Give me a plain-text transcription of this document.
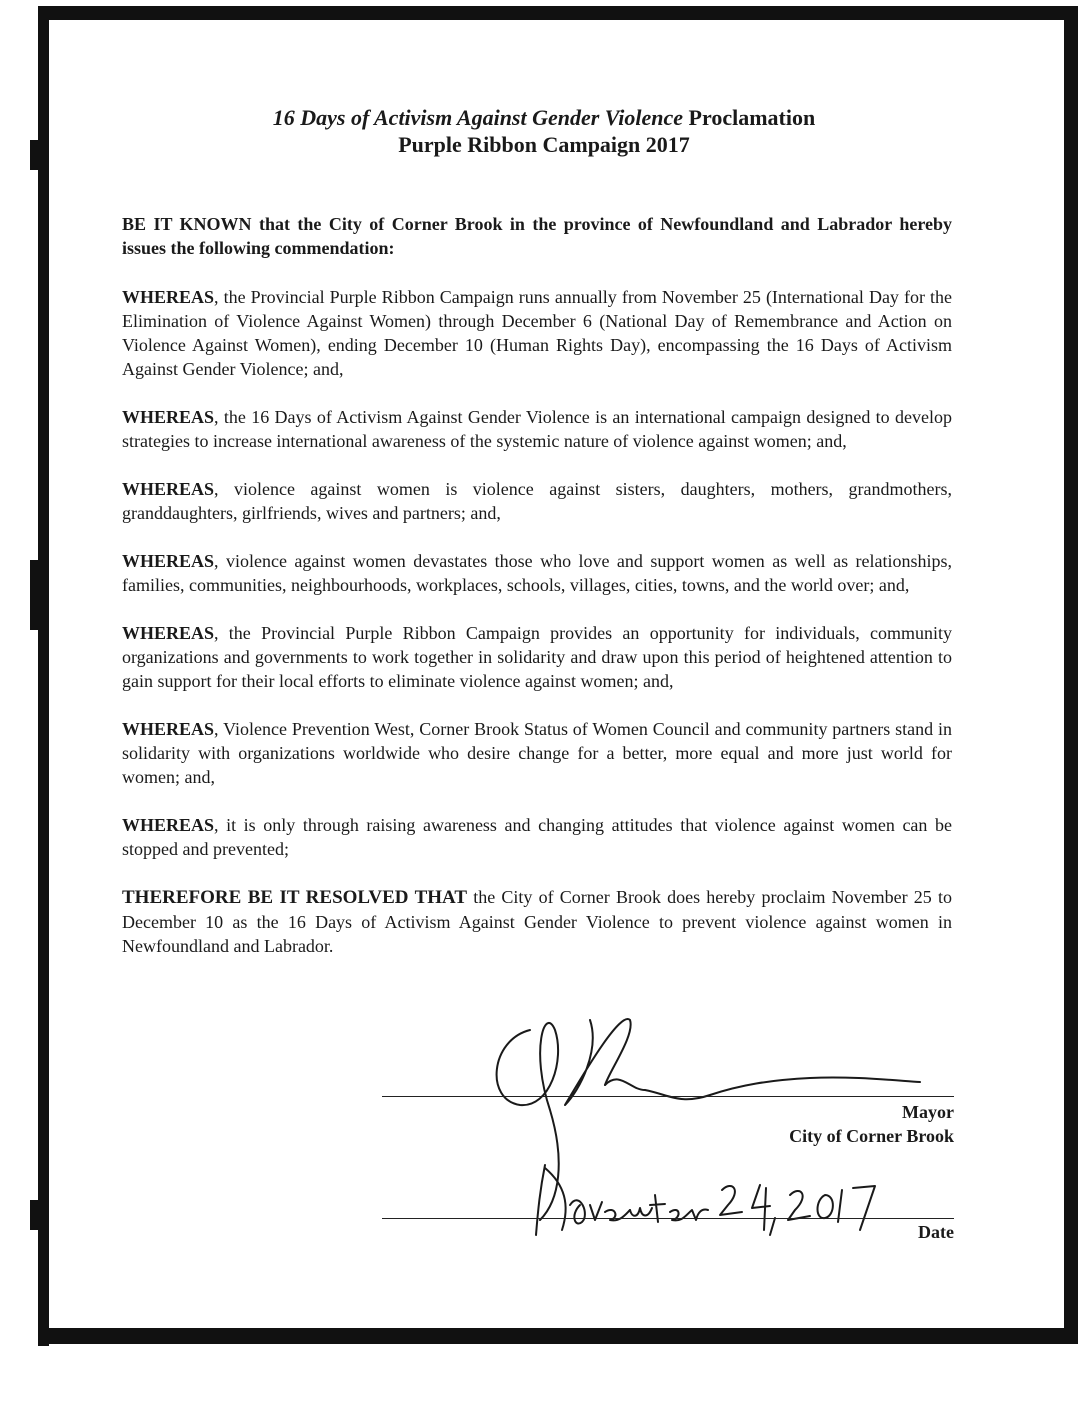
16 Days of Activism Against Gender Violence Proclamation
Purple Ribbon Campaign 2017

BE IT KNOWN that the City of Corner Brook in the province of Newfoundland and Labrador hereby issues the following commendation:

WHEREAS, the Provincial Purple Ribbon Campaign runs annually from November 25 (International Day for the Elimination of Violence Against Women) through December 6 (National Day of Remembrance and Action on Violence Against Women), ending December 10 (Human Rights Day), encompassing the 16 Days of Activism Against Gender Violence; and,

WHEREAS, the 16 Days of Activism Against Gender Violence is an international campaign designed to develop strategies to increase international awareness of the systemic nature of violence against women; and,

WHEREAS, violence against women is violence against sisters, daughters, mothers, grandmothers, granddaughters, girlfriends, wives and partners; and,

WHEREAS, violence against women devastates those who love and support women as well as relationships, families, communities, neighbourhoods, workplaces, schools, villages, cities, towns, and the world over; and,

WHEREAS, the Provincial Purple Ribbon Campaign provides an opportunity for individuals, community organizations and governments to work together in solidarity and draw upon this period of heightened attention to gain support for their local efforts to eliminate violence against women; and,

WHEREAS, Violence Prevention West, Corner Brook Status of Women Council and community partners stand in solidarity with organizations worldwide who desire change for a better, more equal and more just world for women; and,

WHEREAS, it is only through raising awareness and changing attitudes that violence against women can be stopped and prevented;

THEREFORE BE IT RESOLVED THAT the City of Corner Brook does hereby proclaim November 25 to December 10 as the 16 Days of Activism Against Gender Violence to prevent violence against women in Newfoundland and Labrador.

Mayor
City of Corner Brook
Date
